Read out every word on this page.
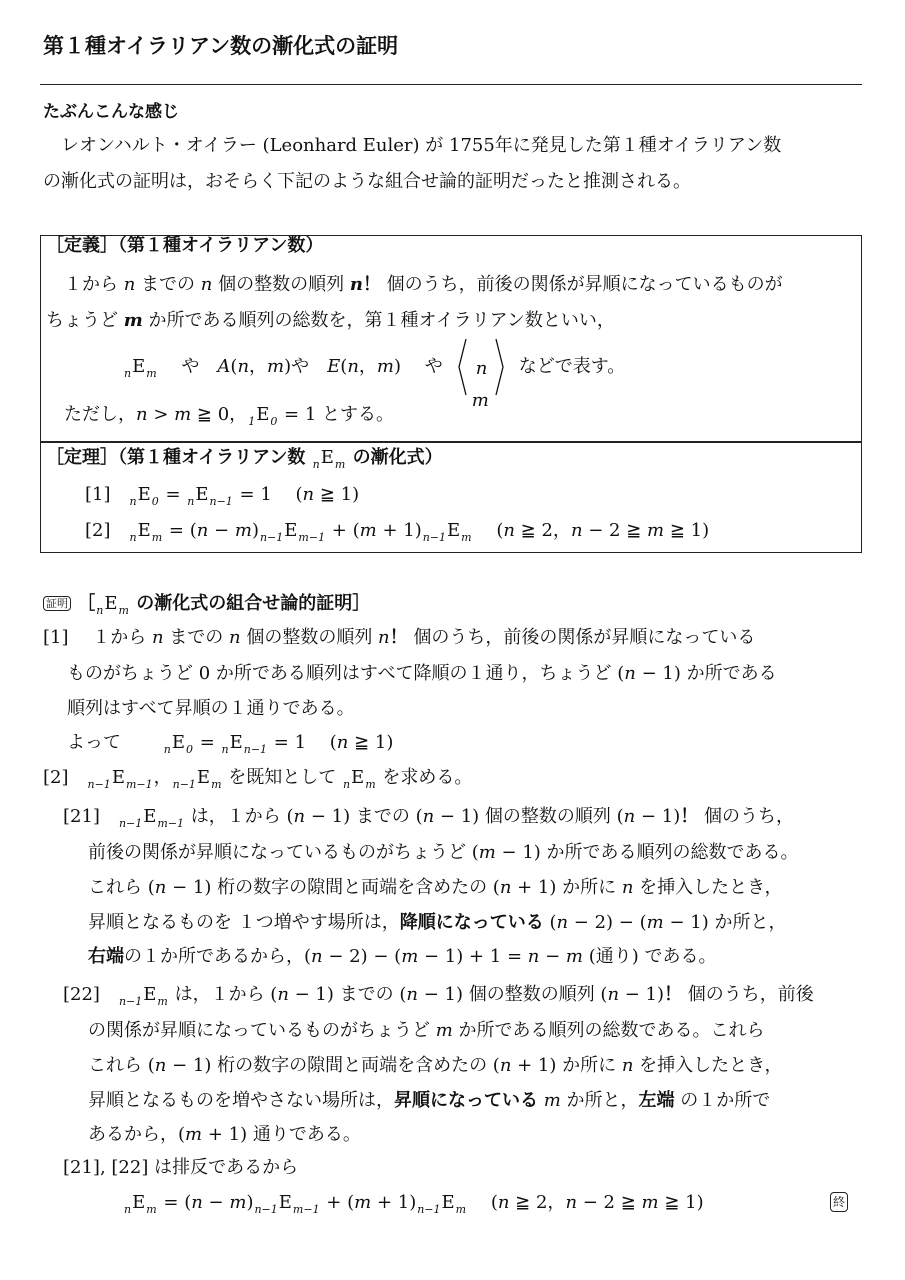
第１種オイラリアン数の漸化式の証明
たぶんこんな感じ
　レオンハルト・オイラー (Leonhard Euler) が 1755年に発見した第１種オイラリアン数
の漸化式の証明は，おそらく下記のような組合せ論的証明だったと推測される。
［定義］（第１種オイラリアン数）
１から n までの n 個の整数の順列 n！ 個のうち，前後の関係が昇順になっているものが
ちょうど m か所である順列の総数を，第１種オイラリアン数といい，
$_nE_m$　 や　A(n，m)や　E(n，m)　 や n
m
などで表す。
ただし，n > m ≧ 0，$_1E_0 = 1$ とする。
［定理］（第１種オイラリアン数 $_nE_m$ の漸化式）
[1]　$_nE_0 = _nE_{n-1} = 1$　 (n ≧ 1)
[2]　$_nE_m = (n - m)_{n-1}E_{m-1} + (m + 1)_{n-1}E_m$　 (n ≧ 2，n − 2 ≧ m ≧ 1)
証明 $[_nE_m$ の漸化式の組合せ論的証明］
[1]　 １から n までの n 個の整数の順列 n！ 個のうち，前後の関係が昇順になっている
ものがちょうど 0 か所である順列はすべて降順の１通り，ちょうど (n − 1) か所である
順列はすべて昇順の１通りである。
よって　　 $_nE_0 = _nE_{n-1} = 1$　 (n ≧ 1)
[2]　$_{n-1}E_{m-1}$，$_{n-1}E_m$ を既知として $_nE_m$ を求める。
[21]　$_{n-1}E_{m-1}$ は，１から (n − 1) までの (n − 1) 個の整数の順列 (n − 1)！ 個のうち，
前後の関係が昇順になっているものがちょうど (m − 1) か所である順列の総数である。
これら (n − 1) 桁の数字の隙間と両端を含めたの (n + 1) か所に n を挿入したとき，
昇順となるものを １つ増やす場所は，降順になっている (n − 2) − (m − 1) か所と，
右端の１か所であるから，(n − 2) − (m − 1) + 1 = n − m (通り) である。
[22]　$_{n-1}E_m$ は，１から (n − 1) までの (n − 1) 個の整数の順列 (n − 1)！ 個のうち，前後
の関係が昇順になっているものがちょうど m か所である順列の総数である。これら
これら (n − 1) 桁の数字の隙間と両端を含めたの (n + 1) か所に n を挿入したとき，
昇順となるものを増やさない場所は，昇順になっている m か所と，左端 の１か所で
あるから，(m + 1) 通りである。
[21], [22] は排反であるから
$_nE_m = (n - m)_{n-1}E_{m-1} + (m + 1)_{n-1}E_m$　 (n ≧ 2，n − 2 ≧ m ≧ 1)	終
